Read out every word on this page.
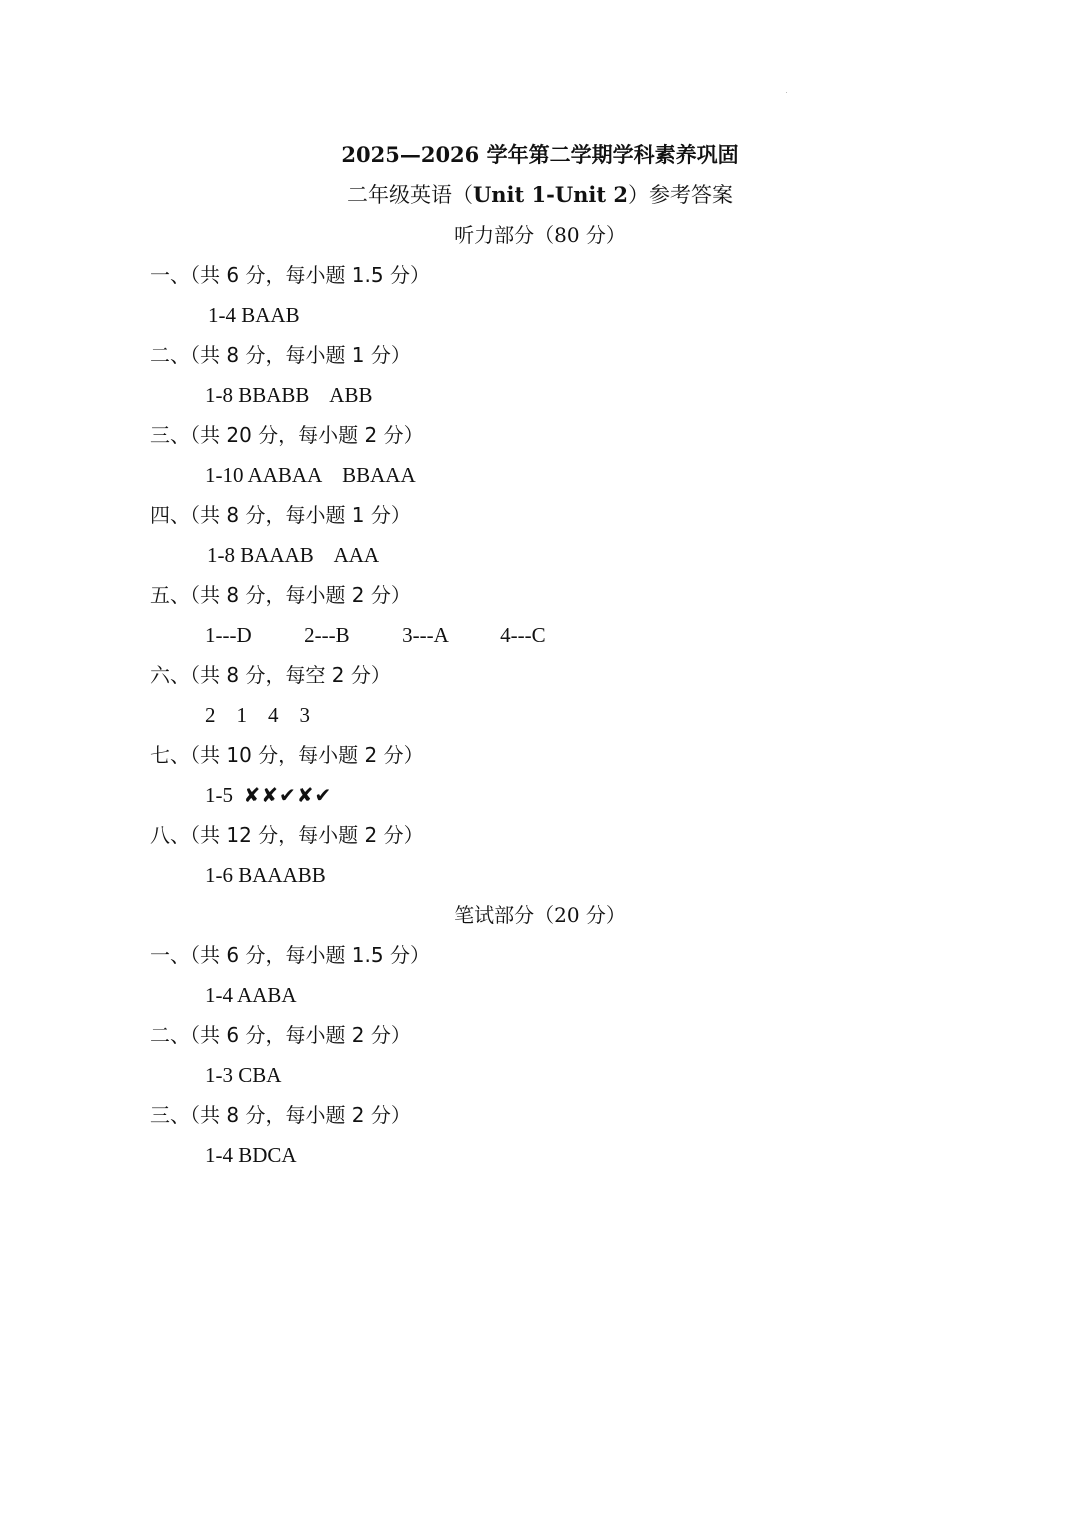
2025—2026 学年第二学期学科素养巩固
二年级英语（Unit 1-Unit 2）参考答案
听力部分（80 分）
一、（共 6 分，每小题 1.5 分）
1-4 BAAB
二、（共 8 分，每小题 1 分）
1-8 BBABB    ABB
三、（共 20 分，每小题 2 分）
1-10 AABAA    BBAAA
四、（共 8 分，每小题 1 分）
1-8 BAAAB    AAA
五、（共 8 分，每小题 2 分）
1---D          2---B          3---A          4---C
六、（共 8 分，每空 2 分）
2    1    4    3
七、（共 10 分，每小题 2 分）
1-5  ✘✘✔✘✔
八、（共 12 分，每小题 2 分）
1-6 BAAABB
笔试部分（20 分）
一、（共 6 分，每小题 1.5 分）
1-4 AABA
二、（共 6 分，每小题 2 分）
1-3 CBA
三、（共 8 分，每小题 2 分）
1-4 BDCA
